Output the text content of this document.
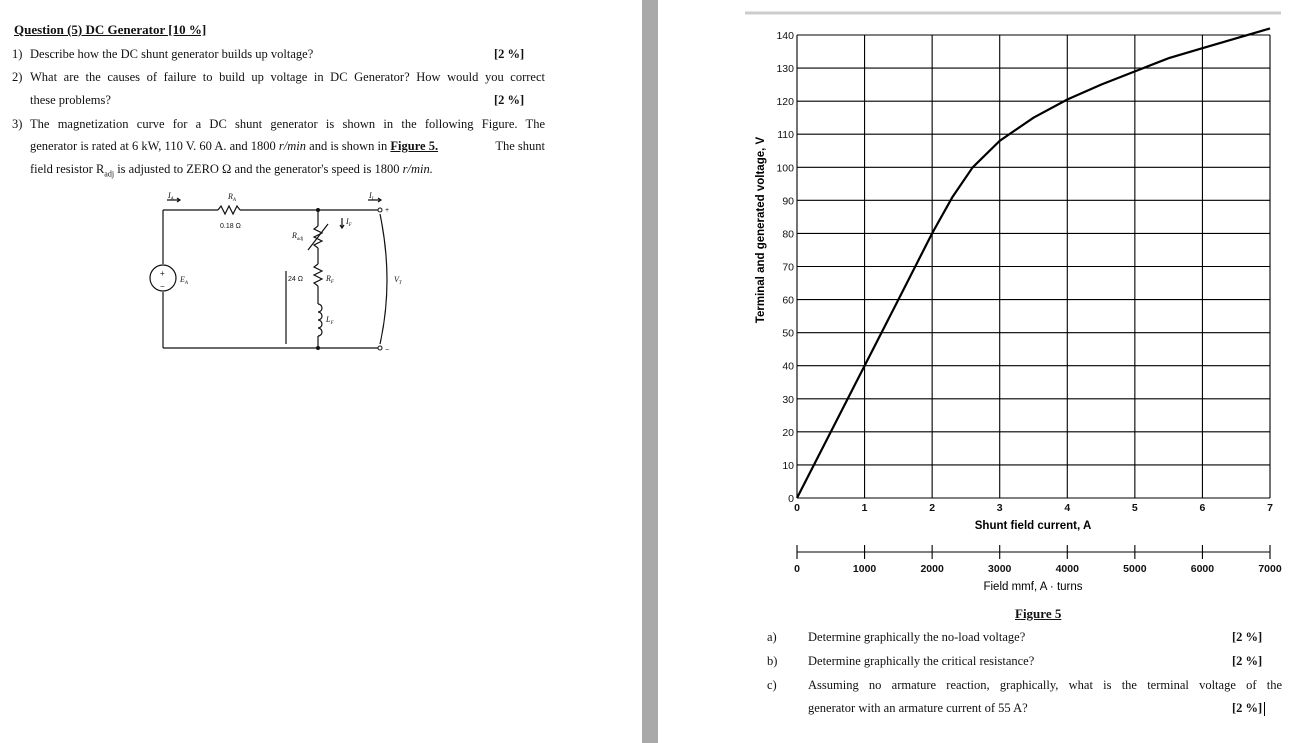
Question (5) DC Generator [10 %]
1) Describe how the DC shunt generator builds up voltage?	[2 %]
2) What are the causes of failure to build up voltage in DC Generator? How would you correct
these problems?	[2 %]
3) The magnetization curve for a DC shunt generator is shown in the following Figure. The
generator is rated at 6 kW, 110 V. 60 A. and 1800 r/min and is shown in Figure 5.	The shunt
field resistor $R_{adj}$ is adjusted to ZERO Ω and the generator's speed is 1800 r/min.
$I_A$	$R_A$
$I_L$
$I_F$
$R_{adj}$
$R_F$
$L_F$
$E_A$	$V_T$
0.18 Ω
24 Ω
+
−
+
−
0
10
20
30
40
50
60
70
80
90
100
110
120
130
140
0	1	2	3	4	5	6	7
0	1000	2000	3000	4000	5000	6000	7000
Terminal and generated voltage, V
Shunt field current, A
Field mmf, A · turns
Figure 5
a)	Determine graphically the no-load voltage?	[2 %]
b) Determine graphically the critical resistance?	[2 %]
c)	Assuming no armature reaction, graphically, what is the terminal voltage of the
generator with an armature current of 55 A?	[2 %]
